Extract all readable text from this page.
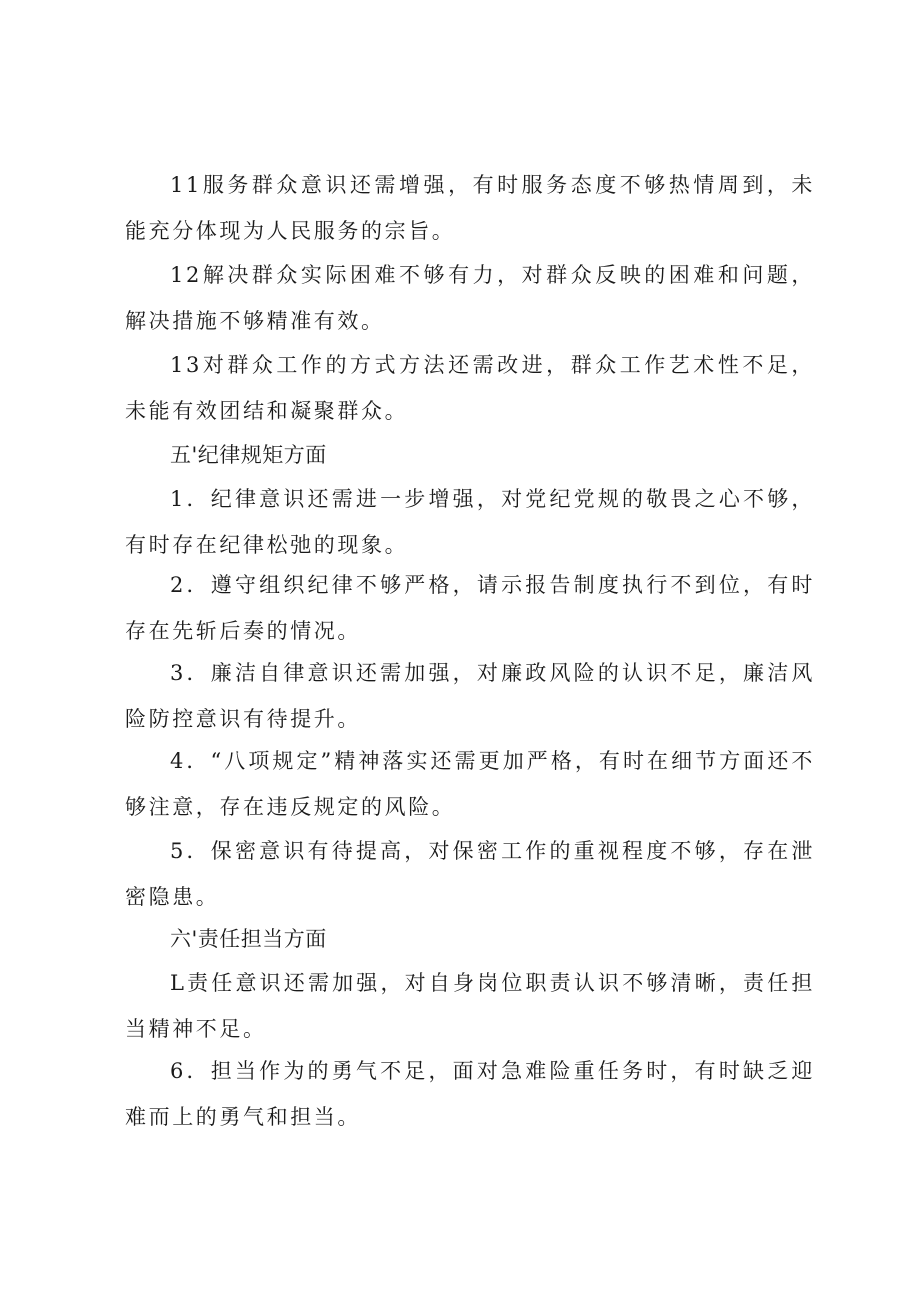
11服务群众意识还需增强，有时服务态度不够热情周到，未能充分体现为人民服务的宗旨。

12解决群众实际困难不够有力，对群众反映的困难和问题，解决措施不够精准有效。

13对群众工作的方式方法还需改进，群众工作艺术性不足，未能有效团结和凝聚群众。

五'纪律规矩方面

1．纪律意识还需进一步增强，对党纪党规的敬畏之心不够，有时存在纪律松弛的现象。

2．遵守组织纪律不够严格，请示报告制度执行不到位，有时存在先斩后奏的情况。

3．廉洁自律意识还需加强，对廉政风险的认识不足，廉洁风险防控意识有待提升。

4．“八项规定”精神落实还需更加严格，有时在细节方面还不够注意，存在违反规定的风险。

5．保密意识有待提高，对保密工作的重视程度不够，存在泄密隐患。

六'责任担当方面

L责任意识还需加强，对自身岗位职责认识不够清晰，责任担当精神不足。

6．担当作为的勇气不足，面对急难险重任务时，有时缺乏迎难而上的勇气和担当。
